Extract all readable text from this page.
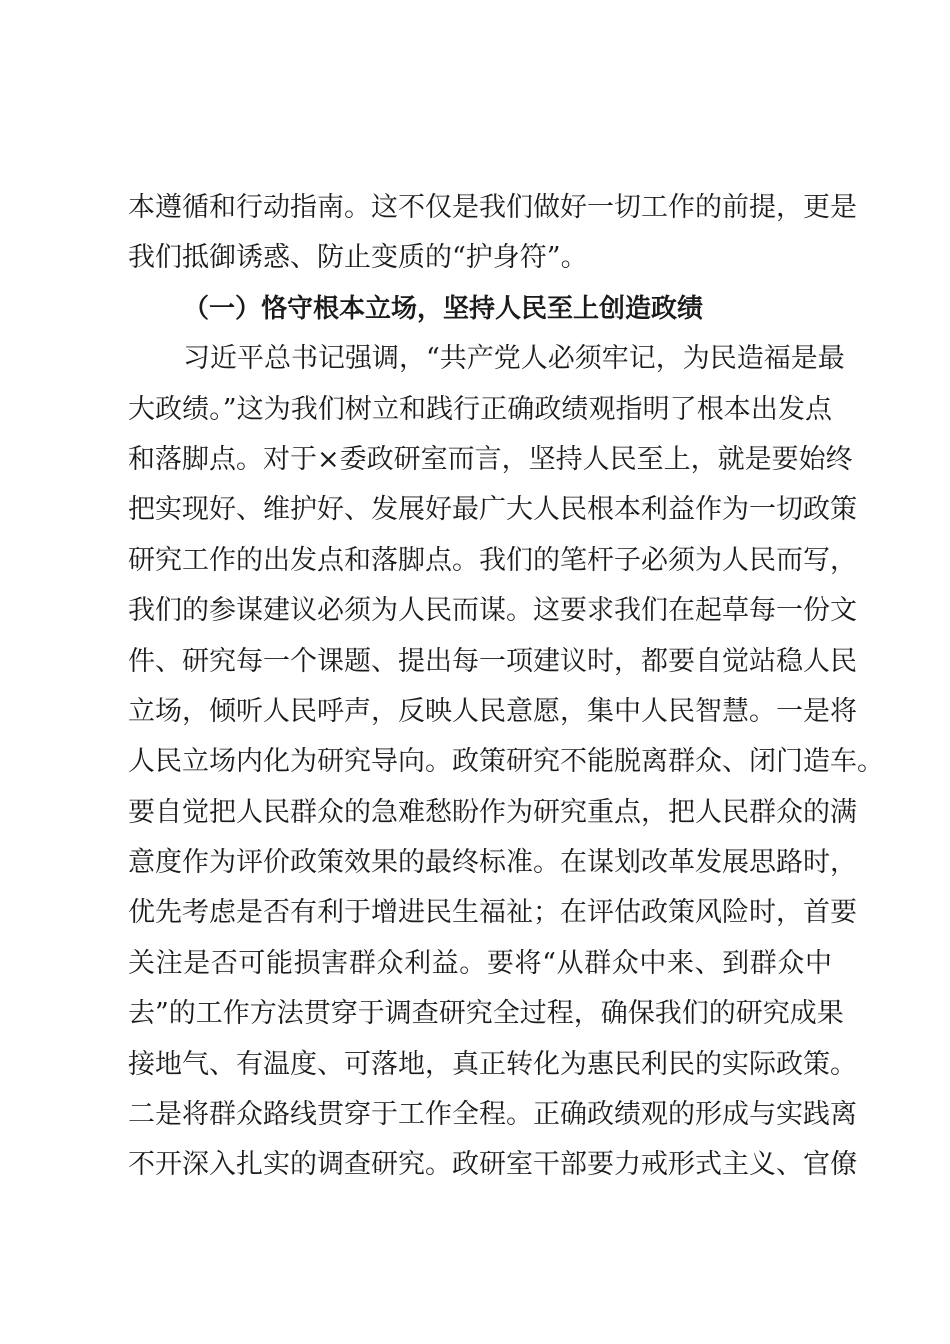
本遵循和行动指南。这不仅是我们做好一切工作的前提，更是
我们抵御诱惑、防止变质的“护身符”。
（一）恪守根本立场，坚持人民至上创造政绩
习近平总书记强调，“共产党人必须牢记，为民造福是最
大政绩。”这为我们树立和践行正确政绩观指明了根本出发点
和落脚点。对于×委政研室而言，坚持人民至上，就是要始终
把实现好、维护好、发展好最广大人民根本利益作为一切政策
研究工作的出发点和落脚点。我们的笔杆子必须为人民而写，
我们的参谋建议必须为人民而谋。这要求我们在起草每一份文
件、研究每一个课题、提出每一项建议时，都要自觉站稳人民
立场，倾听人民呼声，反映人民意愿，集中人民智慧。一是将
人民立场内化为研究导向。政策研究不能脱离群众、闭门造车。
要自觉把人民群众的急难愁盼作为研究重点，把人民群众的满
意度作为评价政策效果的最终标准。在谋划改革发展思路时，
优先考虑是否有利于增进民生福祉；在评估政策风险时，首要
关注是否可能损害群众利益。要将“从群众中来、到群众中
去”的工作方法贯穿于调查研究全过程，确保我们的研究成果
接地气、有温度、可落地，真正转化为惠民利民的实际政策。
二是将群众路线贯穿于工作全程。正确政绩观的形成与实践离
不开深入扎实的调查研究。政研室干部要力戒形式主义、官僚
